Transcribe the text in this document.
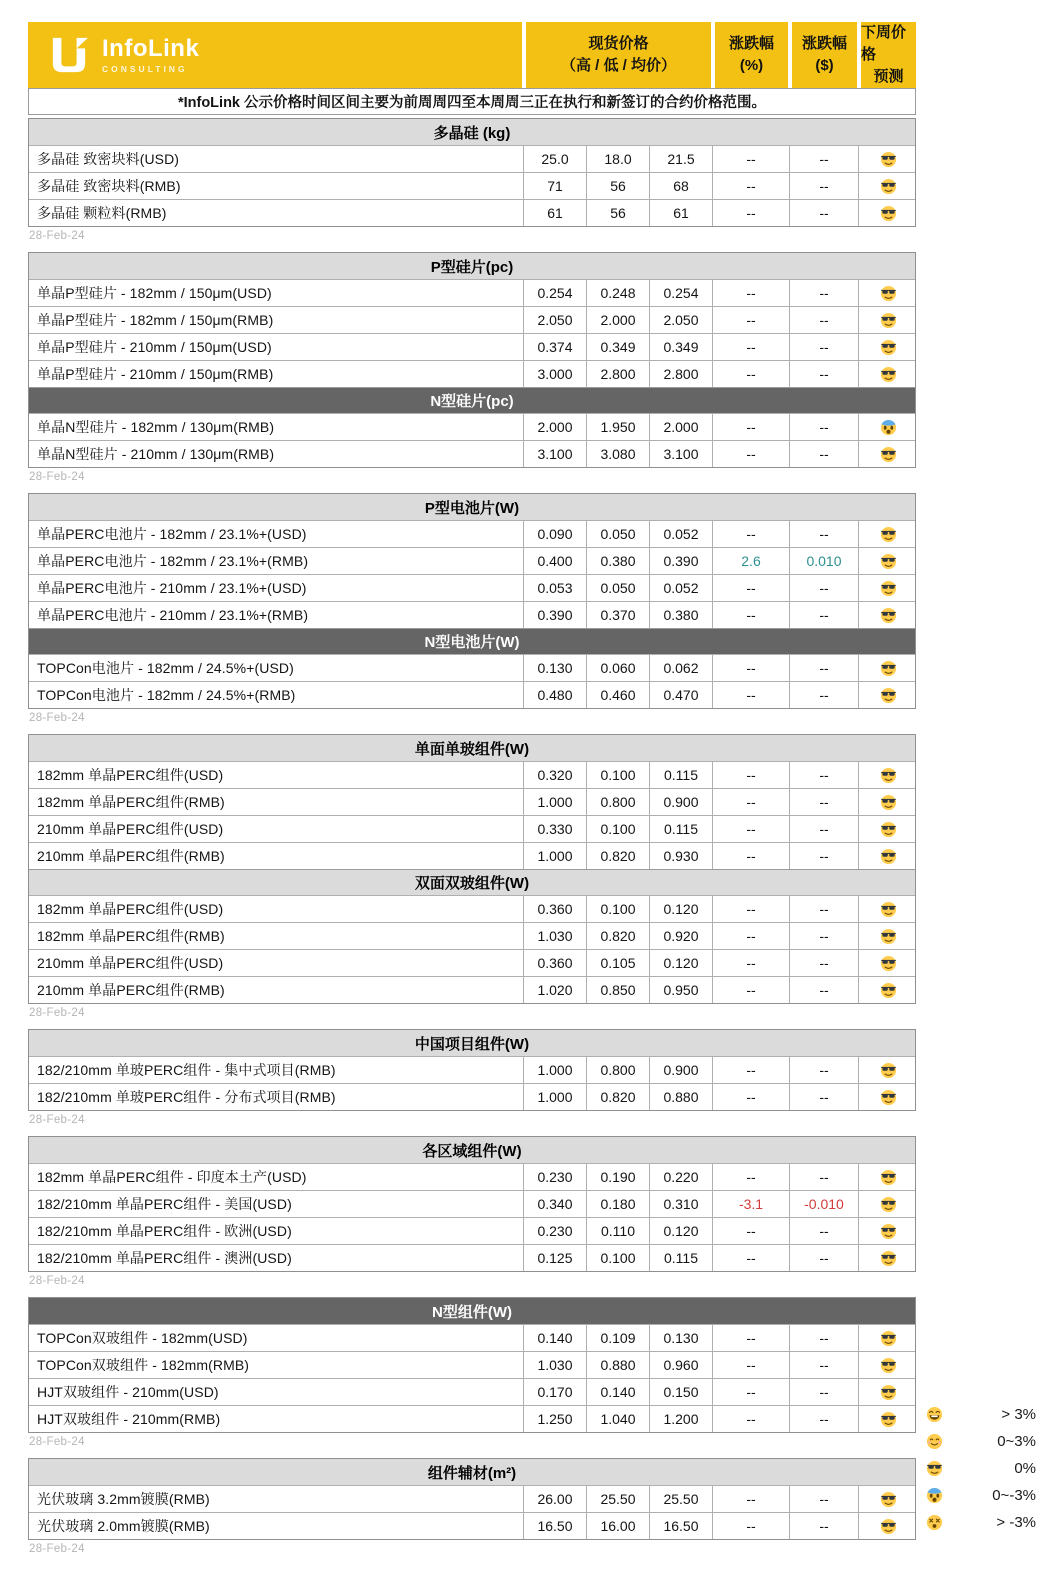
InfoLink
CONSULTING
现货价格
（高 / 低 / 均价）
涨跌幅
(%)
涨跌幅
($)
下周价格
预测
*InfoLink 公示价格时间区间主要为前周周四至本周周三正在执行和新签订的合约价格范围。
多晶硅 (kg)
多晶硅 致密块料(USD)	25.0	18.0	21.5	--	--
多晶硅 致密块料(RMB)	71	56	68	--	--
多晶硅 颗粒料(RMB)	61	56	61	--	--
28-Feb-24
P型硅片(pc)
单晶P型硅片 - 182mm / 150μm(USD)	0.254	0.248	0.254	--	--
单晶P型硅片 - 182mm / 150μm(RMB)	2.050	2.000	2.050	--	--
单晶P型硅片 - 210mm / 150μm(USD)	0.374	0.349	0.349	--	--
单晶P型硅片 - 210mm / 150μm(RMB)	3.000	2.800	2.800	--	--
N型硅片(pc)
单晶N型硅片 - 182mm / 130μm(RMB)	2.000	1.950	2.000	--	--
单晶N型硅片 - 210mm / 130μm(RMB)	3.100	3.080	3.100	--	--
28-Feb-24
P型电池片(W)
单晶PERC电池片 - 182mm / 23.1%+(USD)	0.090	0.050	0.052	--	--
单晶PERC电池片 - 182mm / 23.1%+(RMB)	0.400	0.380	0.390	2.6	0.010
单晶PERC电池片 - 210mm / 23.1%+(USD)	0.053	0.050	0.052	--	--
单晶PERC电池片 - 210mm / 23.1%+(RMB)	0.390	0.370	0.380	--	--
N型电池片(W)
TOPCon电池片 - 182mm / 24.5%+(USD)	0.130	0.060	0.062	--	--
TOPCon电池片 - 182mm / 24.5%+(RMB)	0.480	0.460	0.470	--	--
28-Feb-24
单面单玻组件(W)
182mm 单晶PERC组件(USD)	0.320	0.100	0.115	--	--
182mm 单晶PERC组件(RMB)	1.000	0.800	0.900	--	--
210mm 单晶PERC组件(USD)	0.330	0.100	0.115	--	--
210mm 单晶PERC组件(RMB)	1.000	0.820	0.930	--	--
双面双玻组件(W)
182mm 单晶PERC组件(USD)	0.360	0.100	0.120	--	--
182mm 单晶PERC组件(RMB)	1.030	0.820	0.920	--	--
210mm 单晶PERC组件(USD)	0.360	0.105	0.120	--	--
210mm 单晶PERC组件(RMB)	1.020	0.850	0.950	--	--
28-Feb-24
中国项目组件(W)
182/210mm 单玻PERC组件 - 集中式项目(RMB)	1.000	0.800	0.900	--	--
182/210mm 单玻PERC组件 - 分布式项目(RMB)	1.000	0.820	0.880	--	--
28-Feb-24
各区域组件(W)
182mm 单晶PERC组件 - 印度本土产(USD)	0.230	0.190	0.220	--	--
182/210mm 单晶PERC组件 - 美国(USD)	0.340	0.180	0.310	-3.1	-0.010
182/210mm 单晶PERC组件 - 欧洲(USD)	0.230	0.110	0.120	--	--
182/210mm 单晶PERC组件 - 澳洲(USD)	0.125	0.100	0.115	--	--
28-Feb-24
N型组件(W)
TOPCon双玻组件 - 182mm(USD)	0.140	0.109	0.130	--	--
TOPCon双玻组件 - 182mm(RMB)	1.030	0.880	0.960	--	--
HJT双玻组件 - 210mm(USD)	0.170	0.140	0.150	--	--
HJT双玻组件 - 210mm(RMB)	1.250	1.040	1.200	--	--
28-Feb-24
组件辅材(m²)
光伏玻璃 3.2mm镀膜(RMB)	26.00	25.50	25.50	--	--
光伏玻璃 2.0mm镀膜(RMB)	16.50	16.00	16.50	--	--
28-Feb-24
> 3%
0~3%
0%
0~-3%
> -3%
